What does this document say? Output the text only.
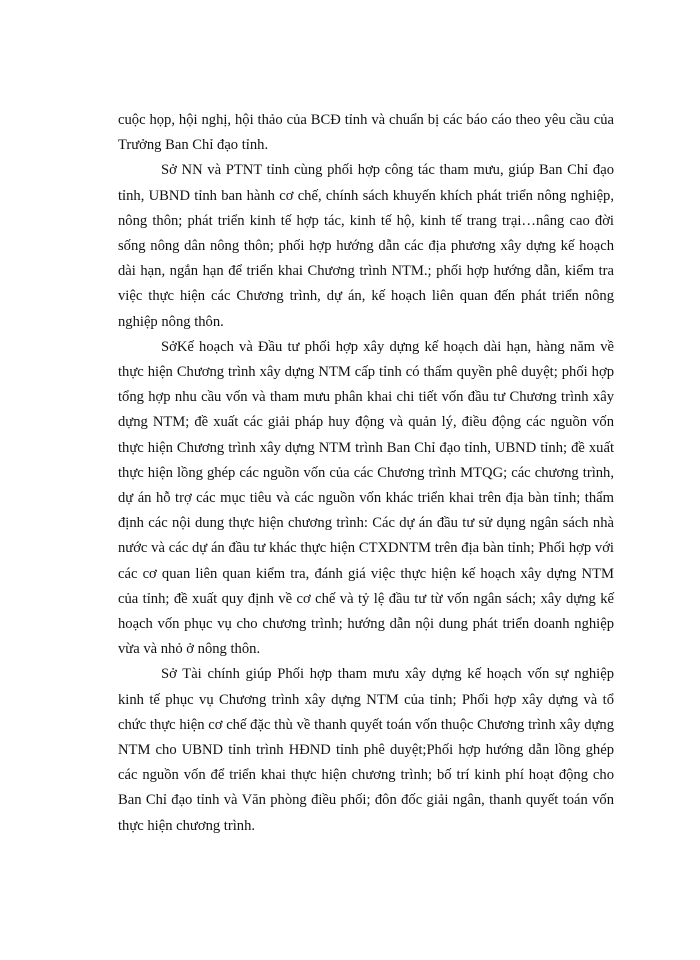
cuộc họp, hội nghị, hội thảo của BCĐ tỉnh và chuẩn bị các báo cáo theo yêu cầu của Trưởng Ban Chỉ đạo tỉnh.

Sở NN và PTNT tỉnh cùng phối hợp công tác tham mưu, giúp Ban Chỉ đạo tỉnh, UBND tỉnh ban hành cơ chế, chính sách khuyến khích phát triển nông nghiệp, nông thôn; phát triển kinh tế hợp tác, kinh tế hộ, kinh tế trang trại…nâng cao đời sống nông dân nông thôn; phối hợp hướng dẫn các địa phương xây dựng kế hoạch dài hạn, ngắn hạn để triển khai Chương trình NTM.; phối hợp hướng dẫn, kiểm tra việc thực hiện các Chương trình, dự án, kế hoạch liên quan đến phát triển nông nghiệp nông thôn.

SởKế hoạch và Đầu tư phối hợp xây dựng kế hoạch dài hạn, hàng năm về thực hiện Chương trình xây dựng NTM cấp tỉnh có thẩm quyền phê duyệt; phối hợp tổng hợp nhu cầu vốn và tham mưu phân khai chi tiết vốn đầu tư Chương trình xây dựng NTM; đề xuất các giải pháp huy động và quản lý, điều động các nguồn vốn thực hiện Chương trình xây dựng NTM trình Ban Chỉ đạo tỉnh, UBND tỉnh; đề xuất thực hiện lồng ghép các nguồn vốn của các Chương trình MTQG; các chương trình, dự án hỗ trợ các mục tiêu và các nguồn vốn khác triển khai trên địa bàn tỉnh; thẩm định các nội dung thực hiện chương trình: Các dự án đầu tư sử dụng ngân sách nhà nước và các dự án đầu tư khác thực hiện CTXDNTM trên địa bàn tỉnh; Phối hợp với các cơ quan liên quan kiểm tra, đánh giá việc thực hiện kế hoạch xây dựng NTM của tỉnh; đề xuất quy định về cơ chế và tỷ lệ đầu tư từ vốn ngân sách; xây dựng kế hoạch vốn phục vụ cho chương trình; hướng dẫn nội dung phát triển doanh nghiệp vừa và nhỏ ở nông thôn.

Sở Tài chính giúp Phối hợp tham mưu xây dựng kế hoạch vốn sự nghiệp kinh tế phục vụ Chương trình xây dựng NTM của tỉnh; Phối hợp xây dựng và tổ chức thực hiện cơ chế đặc thù về thanh quyết toán vốn thuộc Chương trình xây dựng NTM cho UBND tỉnh trình HĐND tỉnh phê duyệt;Phối hợp hướng dẫn lồng ghép các nguồn vốn để triển khai thực hiện chương trình; bố trí kinh phí hoạt động cho Ban Chỉ đạo tỉnh và Văn phòng điều phối; đôn đốc giải ngân, thanh quyết toán vốn thực hiện chương trình.
